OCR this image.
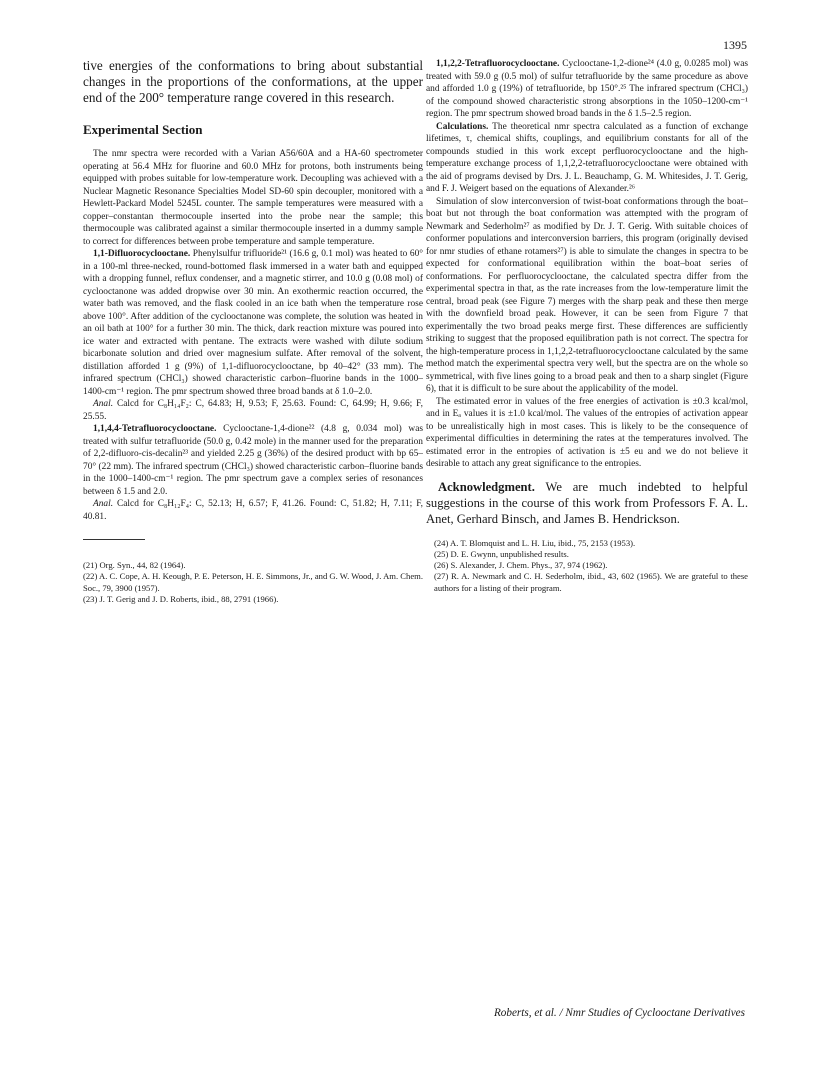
1395

tive energies of the conformations to bring about substantial changes in the proportions of the conformations, at the upper end of the 200° temperature range covered in this research.

Experimental Section

The nmr spectra were recorded with a Varian A56/60A and a HA-60 spectrometer operating at 56.4 MHz for fluorine and 60.0 MHz for protons, both instruments being equipped with probes suitable for low-temperature work. Decoupling was achieved with a Nuclear Magnetic Resonance Specialties Model SD-60 spin decoupler, monitored with a Hewlett-Packard Model 5245L counter. The sample temperatures were measured with a copper–constantan thermocouple inserted into the probe near the sample; this thermocouple was calibrated against a similar thermocouple inserted in a dummy sample to correct for differences between probe temperature and sample temperature.

1,1-Difluorocyclooctane. Phenylsulfur trifluoride²¹ (16.6 g, 0.1 mol) was heated to 60° in a 100-ml three-necked, round-bottomed flask immersed in a water bath and equipped with a dropping funnel, reflux condenser, and a magnetic stirrer, and 10.0 g (0.08 mol) of cyclooctanone was added dropwise over 30 min. An exothermic reaction occurred, the water bath was removed, and the flask cooled in an ice bath when the temperature rose above 100°. After addition of the cyclooctanone was complete, the solution was heated in an oil bath at 100° for a further 30 min. The thick, dark reaction mixture was poured into ice water and extracted with pentane. The extracts were washed with dilute sodium bicarbonate solution and dried over magnesium sulfate. After removal of the solvent, distillation afforded 1 g (9%) of 1,1-difluorocyclooctane, bp 40–42° (33 mm). The infrared spectrum (CHCl₃) showed characteristic carbon–fluorine bands in the 1000–1400-cm⁻¹ region. The pmr spectrum showed three broad bands at δ 1.0–2.0.

Anal. Calcd for C₈H₁₄F₂: C, 64.83; H, 9.53; F, 25.63. Found: C, 64.99; H, 9.66; F, 25.55.

1,1,4,4-Tetrafluorocyclooctane. Cyclooctane-1,4-dione²² (4.8 g, 0.034 mol) was treated with sulfur tetrafluoride (50.0 g, 0.42 mole) in the manner used for the preparation of 2,2-difluoro-cis-decalin²³ and yielded 2.25 g (36%) of the desired product with bp 65–70° (22 mm). The infrared spectrum (CHCl₃) showed characteristic carbon–fluorine bands in the 1000–1400-cm⁻¹ region. The pmr spectrum gave a complex series of resonances between δ 1.5 and 2.0.

Anal. Calcd for C₈H₁₂F₄: C, 52.13; H, 6.57; F, 41.26. Found: C, 51.82; H, 7.11; F, 40.81.

(21) Org. Syn., 44, 82 (1964).

(22) A. C. Cope, A. H. Keough, P. E. Peterson, H. E. Simmons, Jr., and G. W. Wood, J. Am. Chem. Soc., 79, 3900 (1957).

(23) J. T. Gerig and J. D. Roberts, ibid., 88, 2791 (1966).

1,1,2,2-Tetrafluorocyclooctane. Cyclooctane-1,2-dione²⁴ (4.0 g, 0.0285 mol) was treated with 59.0 g (0.5 mol) of sulfur tetrafluoride by the same procedure as above and afforded 1.0 g (19%) of tetrafluoride, bp 150°.²⁵ The infrared spectrum (CHCl₃) of the compound showed characteristic strong absorptions in the 1050–1200-cm⁻¹ region. The pmr spectrum showed broad bands in the δ 1.5–2.5 region.

Calculations. The theoretical nmr spectra calculated as a function of exchange lifetimes, τ, chemical shifts, couplings, and equilibrium constants for all of the compounds studied in this work except perfluorocyclooctane and the high-temperature exchange process of 1,1,2,2-tetrafluorocyclooctane were obtained with the aid of programs devised by Drs. J. L. Beauchamp, G. M. Whitesides, J. T. Gerig, and F. J. Weigert based on the equations of Alexander.²⁶

Simulation of slow interconversion of twist-boat conformations through the boat–boat but not through the boat conformation was attempted with the program of Newmark and Sederholm²⁷ as modified by Dr. J. T. Gerig. With suitable choices of conformer populations and interconversion barriers, this program (originally devised for nmr studies of ethane rotamers²⁷) is able to simulate the changes in spectra to be expected for conformational equilibration within the boat–boat series of conformations. For perfluorocyclooctane, the calculated spectra differ from the experimental spectra in that, as the rate increases from the low-temperature limit the central, broad peak (see Figure 7) merges with the sharp peak and these then merge with the downfield broad peak. However, it can be seen from Figure 7 that experimentally the two broad peaks merge first. These differences are sufficiently striking to suggest that the proposed equilibration path is not correct. The spectra for the high-temperature process in 1,1,2,2-tetrafluorocyclooctane calculated by the same method match the experimental spectra very well, but the spectra are on the whole so symmetrical, with five lines going to a broad peak and then to a sharp singlet (Figure 6), that it is difficult to be sure about the applicability of the model.

The estimated error in values of the free energies of activation is ±0.3 kcal/mol, and in Eₐ values it is ±1.0 kcal/mol. The values of the entropies of activation appear to be unrealistically high in most cases. This is likely to be the consequence of experimental difficulties in determining the rates at the temperatures involved. The estimated error in the entropies of activation is ±5 eu and we do not believe it desirable to attach any great significance to the entropies.

Acknowledgment. We are much indebted to helpful suggestions in the course of this work from Professors F. A. L. Anet, Gerhard Binsch, and James B. Hendrickson.

(24) A. T. Blomquist and L. H. Liu, ibid., 75, 2153 (1953).

(25) D. E. Gwynn, unpublished results.

(26) S. Alexander, J. Chem. Phys., 37, 974 (1962).

(27) R. A. Newmark and C. H. Sederholm, ibid., 43, 602 (1965). We are grateful to these authors for a listing of their program.

Roberts, et al. / Nmr Studies of Cyclooctane Derivatives
